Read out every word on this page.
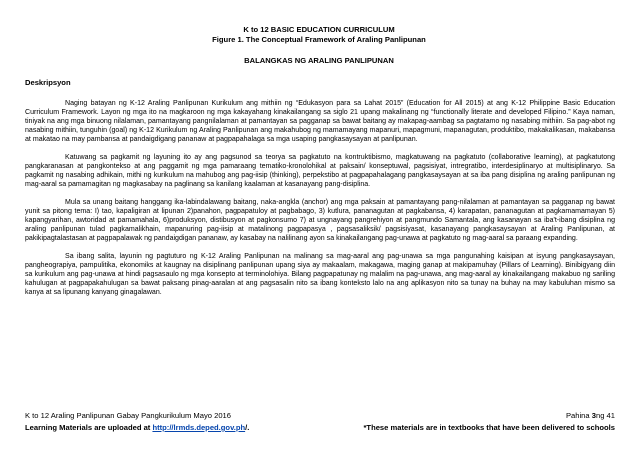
K to 12 BASIC EDUCATION CURRICULUM
Figure 1. The Conceptual Framework of Araling Panlipunan
BALANGKAS NG ARALING PANLIPUNAN
Deskripsyon

Naging batayan ng K-12 Araling Panlipunan Kurikulum ang mithiin ng “Edukasyon para sa Lahat 2015” (Education for All 2015) at ang K-12 Philippine Basic Education Curriculum Framework. Layon ng mga ito na magkaroon ng mga kakayahang kinakailangang sa siglo 21 upang makalinang ng “functionally literate and developed Filipino.” Kaya naman, tiniyak na ang mga binuong nilalaman, pamantayang pangnilalaman at pamantayan sa pagganap sa bawat baitang ay makapag-aambag sa pagtatamo ng nasabing mithiin. Sa pag-abot ng nasabing mithiin, tunguhin (goal) ng K-12 Kurikulum ng Araling Panlipunan ang makahubog ng mamamayang mapanuri, mapagmuni, mapanagutan, produktibo, makakalikasan, makabansa at makatao na may pambansa at pandaigdigang pananaw at pagpapahalaga sa mga usaping pangkasaysayan at panlipunan.

Katuwang sa pagkamit ng layuning ito ay ang pagsunod sa teorya sa pagkatuto na kontruktibismo, magkatuwang na pagkatuto (collaborative learning), at pagkatutong pangkaranasan at pangkontekso at ang paggamit ng mga pamaraang tematiko-kronolohikal at paksain/ konseptuwal, pagsisiyat, intregratibo, interdesiplinaryo at multisiplinaryo. Sa pagkamit ng nasabing adhikain, mithi ng kurikulum na mahubog ang pag-iisip (thinking), perpekstibo at pagpapahalagang pangkasaysayan at sa iba pang disiplina ng araling panlipunan ng mag-aaral sa pamamagitan ng magkasabay na paglinang sa kanilang kaalaman at kasanayang pang-disiplina.

Mula sa unang baitang hanggang ika-labindalawang baitang, naka-angkla (anchor) ang mga paksain at pamantayang pang-nilalaman at pamantayan sa pagganap ng bawat yunit sa pitong tema: I) tao, kapaligiran at lipunan 2)panahon, pagpapatuloy at pagbabago, 3) kutlura, pananagutan at pagkabansa, 4) karapatan, pananagutan at pagkamamamayan 5) kapangyarihan, awtoridad at pamamahala, 6)produksyon, distibusyon at pagkonsumo 7) at ungnayang pangrehiyon at pangmundo Samantala, ang kasanayan sa iba't-ibang disiplina ng araling panlipunan tulad pagkamalikhain, mapanuring pag-iisip at matalinong pagpapasya , pagsasaliksik/ pagsisiyasat, kasanayang pangkasaysayan at Araling Panlipunan, at pakikipagtalastasan at pagpapalawak ng pandaigdigan pananaw, ay kasabay na nalilinang ayon sa kinakailangang pag-unawa at pagkatuto ng mag-aaral sa paraang expanding.

Sa ibang salita, layunin ng pagtuturo ng K-12 Araling Panlipunan na malinang sa mag-aaral ang pag-unawa sa mga pangunahing kaisipan at isyung pangkasaysayan, pangheograpiya, pampulitika, ekonomiks at kaugnay na disiplinang panlipunan upang siya ay makaalam, makagawa, maging ganap at makipamuhay (Pillars of Learning). Binibigyang diin sa kurikulum ang pag-unawa at hindi pagsasaulo ng mga konsepto at terminolohiya. Bilang pagpapatunay ng malalim na pag-unawa, ang mag-aaral ay kinakailangang makabuo ng sariling kahulugan at pagpapakahulugan sa bawat paksang pinag-aaralan at ang pagsasalin nito sa ibang konteksto lalo na ang aplikasyon nito sa tunay na buhay na may kabuluhan mismo sa kanya at sa lipunang kanyang ginagalawan.

K to 12 Araling Panlipunan Gabay Pangkurikulum Mayo 2016	Pahina 3ng 41
Learning Materials are uploaded at http://lrmds.deped.gov.ph/.	*These materials are in textbooks that have been delivered to schools
